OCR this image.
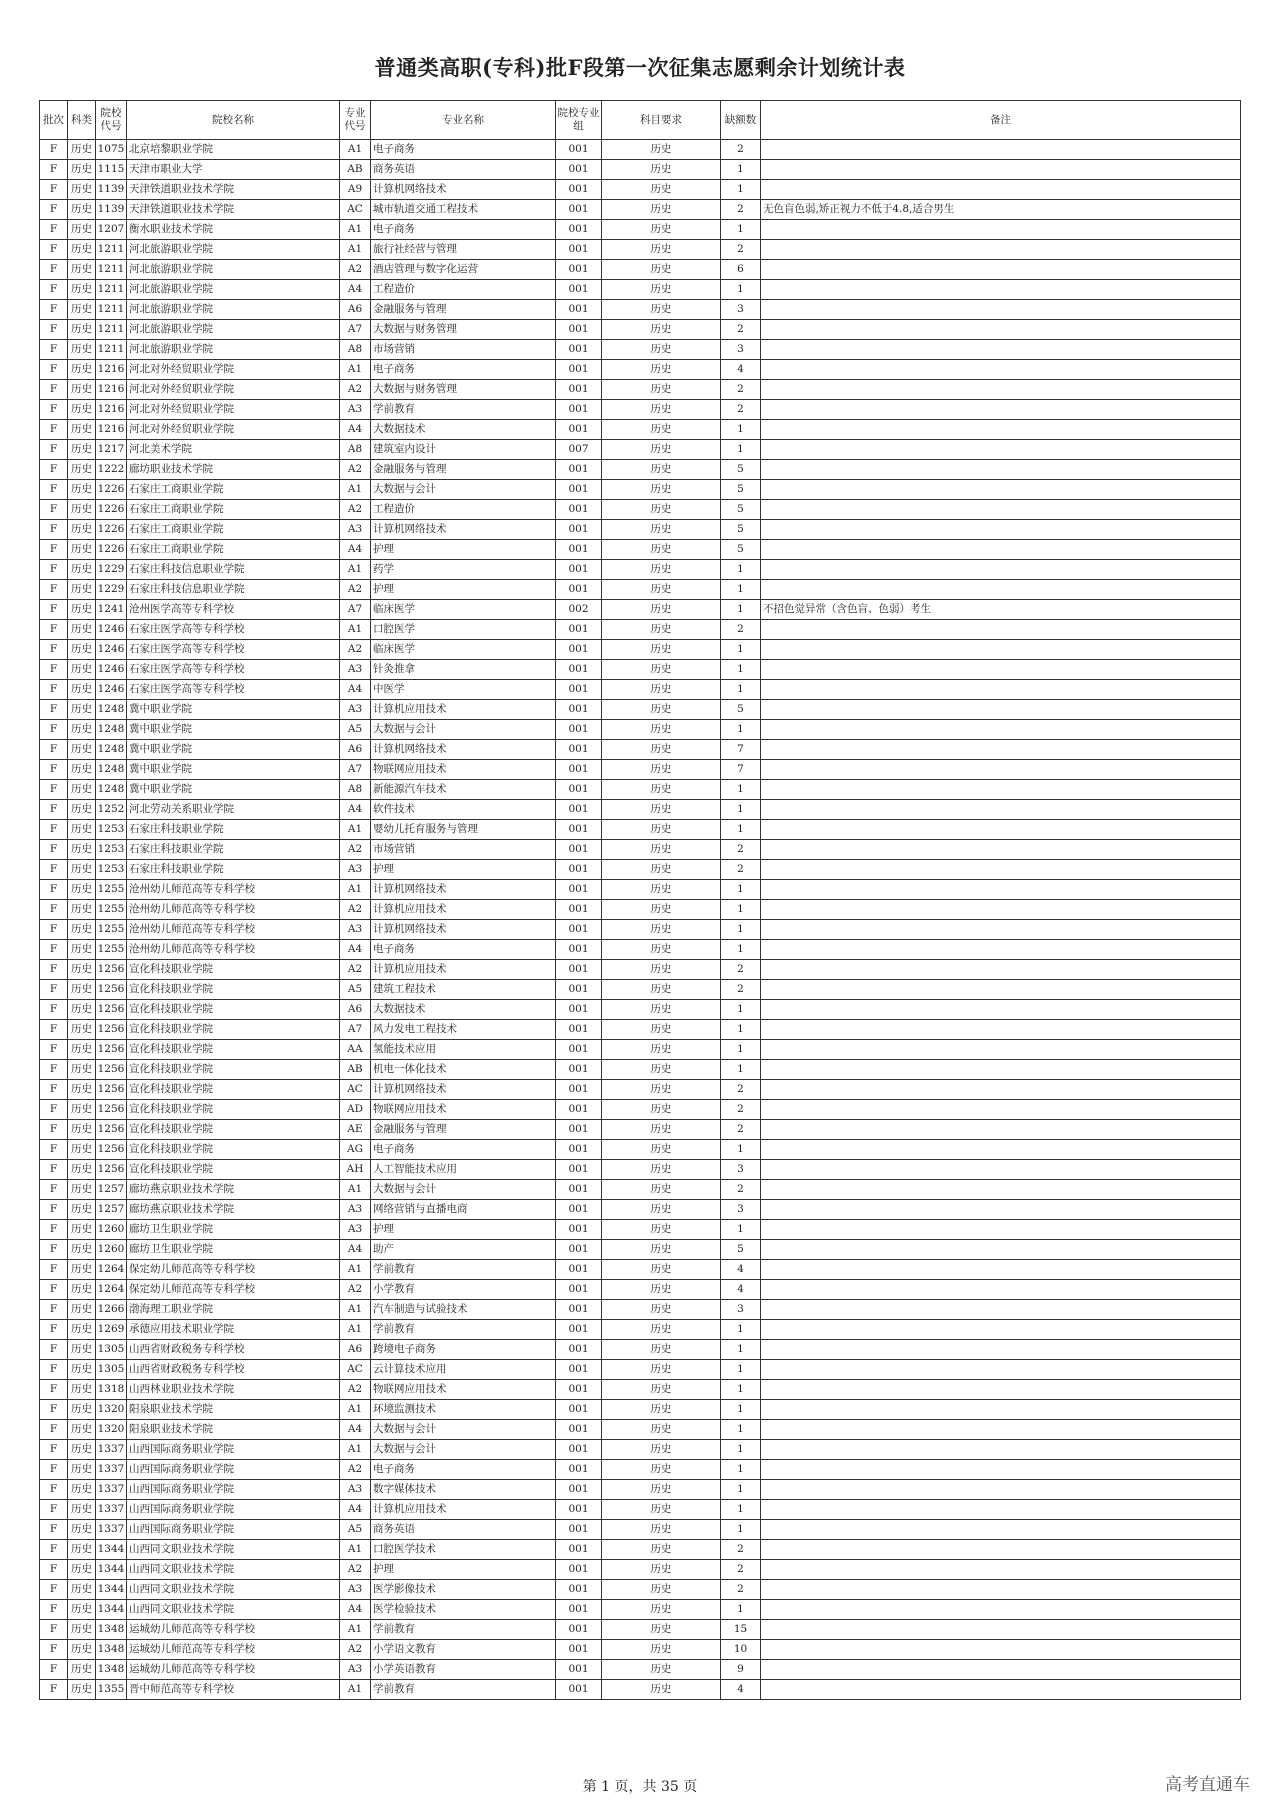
普通类高职(专科)批F段第一次征集志愿剩余计划统计表
批次	科类	院校代号	院校名称	专业代号	专业名称	院校专业组	科目要求	缺额数	备注
F	历史	1075	北京培黎职业学院	A1	电子商务	001	历史	2	
F	历史	1115	天津市职业大学	AB	商务英语	001	历史	1	
F	历史	1139	天津铁道职业技术学院	A9	计算机网络技术	001	历史	1	
F	历史	1139	天津铁道职业技术学院	AC	城市轨道交通工程技术	001	历史	2	无色盲色弱,矫正视力不低于4.8,适合男生
F	历史	1207	衡水职业技术学院	A1	电子商务	001	历史	1	
F	历史	1211	河北旅游职业学院	A1	旅行社经营与管理	001	历史	2	
F	历史	1211	河北旅游职业学院	A2	酒店管理与数字化运营	001	历史	6	
F	历史	1211	河北旅游职业学院	A4	工程造价	001	历史	1	
F	历史	1211	河北旅游职业学院	A6	金融服务与管理	001	历史	3	
F	历史	1211	河北旅游职业学院	A7	大数据与财务管理	001	历史	2	
F	历史	1211	河北旅游职业学院	A8	市场营销	001	历史	3	
F	历史	1216	河北对外经贸职业学院	A1	电子商务	001	历史	4	
F	历史	1216	河北对外经贸职业学院	A2	大数据与财务管理	001	历史	2	
F	历史	1216	河北对外经贸职业学院	A3	学前教育	001	历史	2	
F	历史	1216	河北对外经贸职业学院	A4	大数据技术	001	历史	1	
F	历史	1217	河北美术学院	A8	建筑室内设计	007	历史	1	
F	历史	1222	廊坊职业技术学院	A2	金融服务与管理	001	历史	5	
F	历史	1226	石家庄工商职业学院	A1	大数据与会计	001	历史	5	
F	历史	1226	石家庄工商职业学院	A2	工程造价	001	历史	5	
F	历史	1226	石家庄工商职业学院	A3	计算机网络技术	001	历史	5	
F	历史	1226	石家庄工商职业学院	A4	护理	001	历史	5	
F	历史	1229	石家庄科技信息职业学院	A1	药学	001	历史	1	
F	历史	1229	石家庄科技信息职业学院	A2	护理	001	历史	1	
F	历史	1241	沧州医学高等专科学校	A7	临床医学	002	历史	1	不招色觉异常（含色盲、色弱）考生
F	历史	1246	石家庄医学高等专科学校	A1	口腔医学	001	历史	2	
F	历史	1246	石家庄医学高等专科学校	A2	临床医学	001	历史	1	
F	历史	1246	石家庄医学高等专科学校	A3	针灸推拿	001	历史	1	
F	历史	1246	石家庄医学高等专科学校	A4	中医学	001	历史	1	
F	历史	1248	冀中职业学院	A3	计算机应用技术	001	历史	5	
F	历史	1248	冀中职业学院	A5	大数据与会计	001	历史	1	
F	历史	1248	冀中职业学院	A6	计算机网络技术	001	历史	7	
F	历史	1248	冀中职业学院	A7	物联网应用技术	001	历史	7	
F	历史	1248	冀中职业学院	A8	新能源汽车技术	001	历史	1	
F	历史	1252	河北劳动关系职业学院	A4	软件技术	001	历史	1	
F	历史	1253	石家庄科技职业学院	A1	婴幼儿托育服务与管理	001	历史	1	
F	历史	1253	石家庄科技职业学院	A2	市场营销	001	历史	2	
F	历史	1253	石家庄科技职业学院	A3	护理	001	历史	2	
F	历史	1255	沧州幼儿师范高等专科学校	A1	计算机网络技术	001	历史	1	
F	历史	1255	沧州幼儿师范高等专科学校	A2	计算机应用技术	001	历史	1	
F	历史	1255	沧州幼儿师范高等专科学校	A3	计算机网络技术	001	历史	1	
F	历史	1255	沧州幼儿师范高等专科学校	A4	电子商务	001	历史	1	
F	历史	1256	宣化科技职业学院	A2	计算机应用技术	001	历史	2	
F	历史	1256	宣化科技职业学院	A5	建筑工程技术	001	历史	2	
F	历史	1256	宣化科技职业学院	A6	大数据技术	001	历史	1	
F	历史	1256	宣化科技职业学院	A7	风力发电工程技术	001	历史	1	
F	历史	1256	宣化科技职业学院	AA	氢能技术应用	001	历史	1	
F	历史	1256	宣化科技职业学院	AB	机电一体化技术	001	历史	1	
F	历史	1256	宣化科技职业学院	AC	计算机网络技术	001	历史	2	
F	历史	1256	宣化科技职业学院	AD	物联网应用技术	001	历史	2	
F	历史	1256	宣化科技职业学院	AE	金融服务与管理	001	历史	2	
F	历史	1256	宣化科技职业学院	AG	电子商务	001	历史	1	
F	历史	1256	宣化科技职业学院	AH	人工智能技术应用	001	历史	3	
F	历史	1257	廊坊燕京职业技术学院	A1	大数据与会计	001	历史	2	
F	历史	1257	廊坊燕京职业技术学院	A3	网络营销与直播电商	001	历史	3	
F	历史	1260	廊坊卫生职业学院	A3	护理	001	历史	1	
F	历史	1260	廊坊卫生职业学院	A4	助产	001	历史	5	
F	历史	1264	保定幼儿师范高等专科学校	A1	学前教育	001	历史	4	
F	历史	1264	保定幼儿师范高等专科学校	A2	小学教育	001	历史	4	
F	历史	1266	渤海理工职业学院	A1	汽车制造与试验技术	001	历史	3	
F	历史	1269	承德应用技术职业学院	A1	学前教育	001	历史	1	
F	历史	1305	山西省财政税务专科学校	A6	跨境电子商务	001	历史	1	
F	历史	1305	山西省财政税务专科学校	AC	云计算技术应用	001	历史	1	
F	历史	1318	山西林业职业技术学院	A2	物联网应用技术	001	历史	1	
F	历史	1320	阳泉职业技术学院	A1	环境监测技术	001	历史	1	
F	历史	1320	阳泉职业技术学院	A4	大数据与会计	001	历史	1	
F	历史	1337	山西国际商务职业学院	A1	大数据与会计	001	历史	1	
F	历史	1337	山西国际商务职业学院	A2	电子商务	001	历史	1	
F	历史	1337	山西国际商务职业学院	A3	数字媒体技术	001	历史	1	
F	历史	1337	山西国际商务职业学院	A4	计算机应用技术	001	历史	1	
F	历史	1337	山西国际商务职业学院	A5	商务英语	001	历史	1	
F	历史	1344	山西同文职业技术学院	A1	口腔医学技术	001	历史	2	
F	历史	1344	山西同文职业技术学院	A2	护理	001	历史	2	
F	历史	1344	山西同文职业技术学院	A3	医学影像技术	001	历史	2	
F	历史	1344	山西同文职业技术学院	A4	医学检验技术	001	历史	1	
F	历史	1348	运城幼儿师范高等专科学校	A1	学前教育	001	历史	15	
F	历史	1348	运城幼儿师范高等专科学校	A2	小学语文教育	001	历史	10	
F	历史	1348	运城幼儿师范高等专科学校	A3	小学英语教育	001	历史	9	
F	历史	1355	晋中师范高等专科学校	A1	学前教育	001	历史	4	
第 1 页，共 35 页	高考直通车
